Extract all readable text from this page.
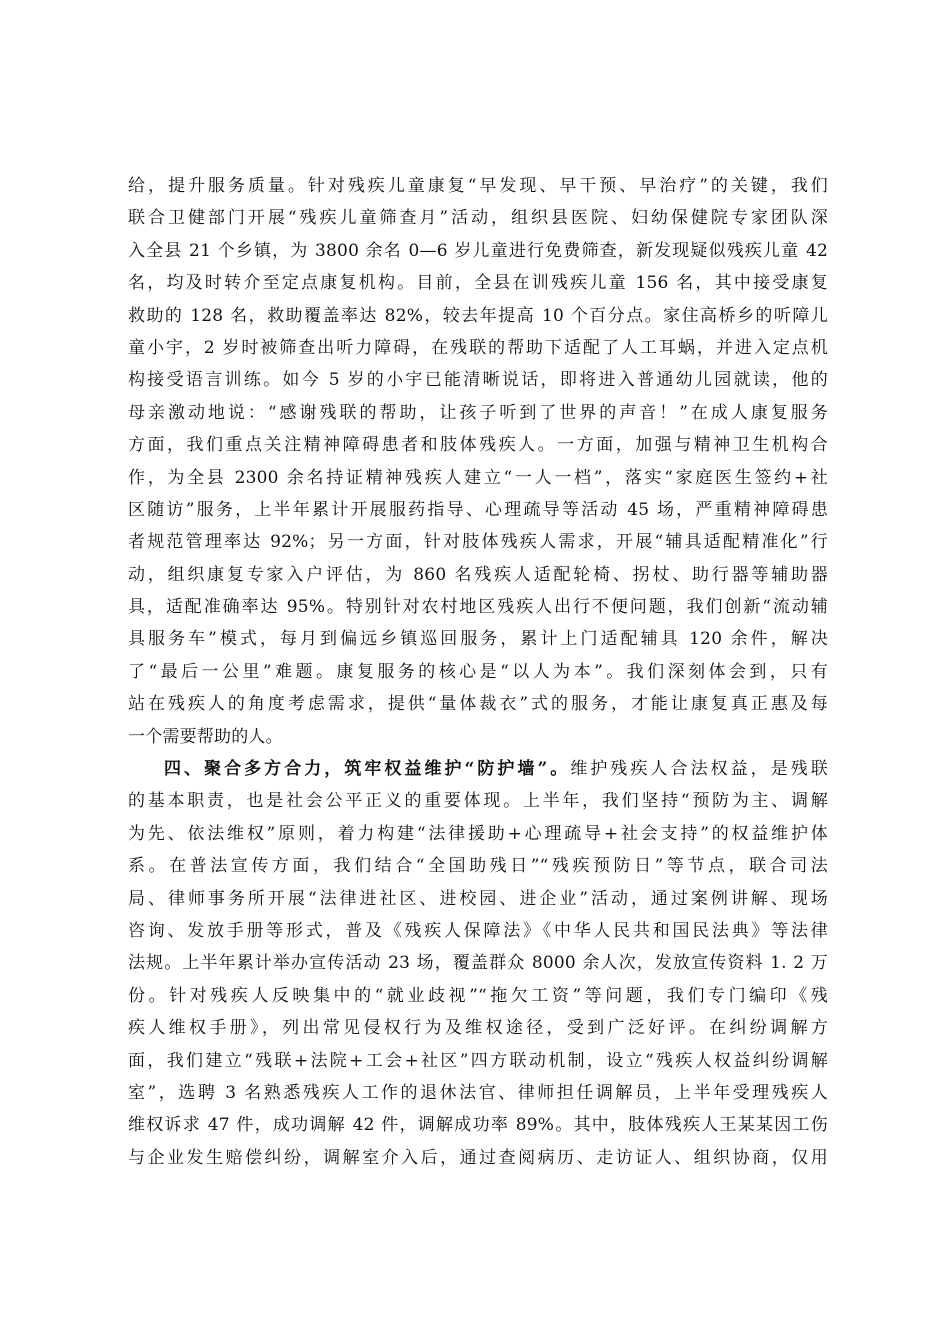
给，提升服务质量。针对残疾儿童康复“早发现、早干预、早治疗”的关键，我们
联合卫健部门开展“残疾儿童筛查月”活动，组织县医院、妇幼保健院专家团队深
入全县 21 个乡镇，为 3800 余名 0—6 岁儿童进行免费筛查，新发现疑似残疾儿童 42
名，均及时转介至定点康复机构。目前，全县在训残疾儿童 156 名，其中接受康复
救助的 128 名，救助覆盖率达 82%，较去年提高 10 个百分点。家住高桥乡的听障儿
童小宇，2 岁时被筛查出听力障碍，在残联的帮助下适配了人工耳蜗，并进入定点机
构接受语言训练。如今 5 岁的小宇已能清晰说话，即将进入普通幼儿园就读，他的
母亲激动地说：“感谢残联的帮助，让孩子听到了世界的声音！”在成人康复服务
方面，我们重点关注精神障碍患者和肢体残疾人。一方面，加强与精神卫生机构合
作，为全县 2300 余名持证精神残疾人建立“一人一档”，落实“家庭医生签约+社
区随访”服务，上半年累计开展服药指导、心理疏导等活动 45 场，严重精神障碍患
者规范管理率达 92%；另一方面，针对肢体残疾人需求，开展“辅具适配精准化”行
动，组织康复专家入户评估，为 860 名残疾人适配轮椅、拐杖、助行器等辅助器
具，适配准确率达 95%。特别针对农村地区残疾人出行不便问题，我们创新“流动辅
具服务车”模式，每月到偏远乡镇巡回服务，累计上门适配辅具 120 余件，解决
了“最后一公里”难题。康复服务的核心是“以人为本”。我们深刻体会到，只有
站在残疾人的角度考虑需求，提供“量体裁衣”式的服务，才能让康复真正惠及每
一个需要帮助的人。
四、聚合多方合力，筑牢权益维护“防护墙”。维护残疾人合法权益，是残联
的基本职责，也是社会公平正义的重要体现。上半年，我们坚持“预防为主、调解
为先、依法维权”原则，着力构建“法律援助+心理疏导+社会支持”的权益维护体
系。在普法宣传方面，我们结合“全国助残日”“残疾预防日”等节点，联合司法
局、律师事务所开展“法律进社区、进校园、进企业”活动，通过案例讲解、现场
咨询、发放手册等形式，普及《残疾人保障法》《中华人民共和国民法典》等法律
法规。上半年累计举办宣传活动 23 场，覆盖群众 8000 余人次，发放宣传资料 1. 2 万
份。针对残疾人反映集中的“就业歧视”“拖欠工资”等问题，我们专门编印《残
疾人维权手册》，列出常见侵权行为及维权途径，受到广泛好评。在纠纷调解方
面，我们建立“残联+法院+工会+社区”四方联动机制，设立“残疾人权益纠纷调解
室”，选聘 3 名熟悉残疾人工作的退休法官、律师担任调解员，上半年受理残疾人
维权诉求 47 件，成功调解 42 件，调解成功率 89%。其中，肢体残疾人王某某因工伤
与企业发生赔偿纠纷，调解室介入后，通过查阅病历、走访证人、组织协商，仅用
